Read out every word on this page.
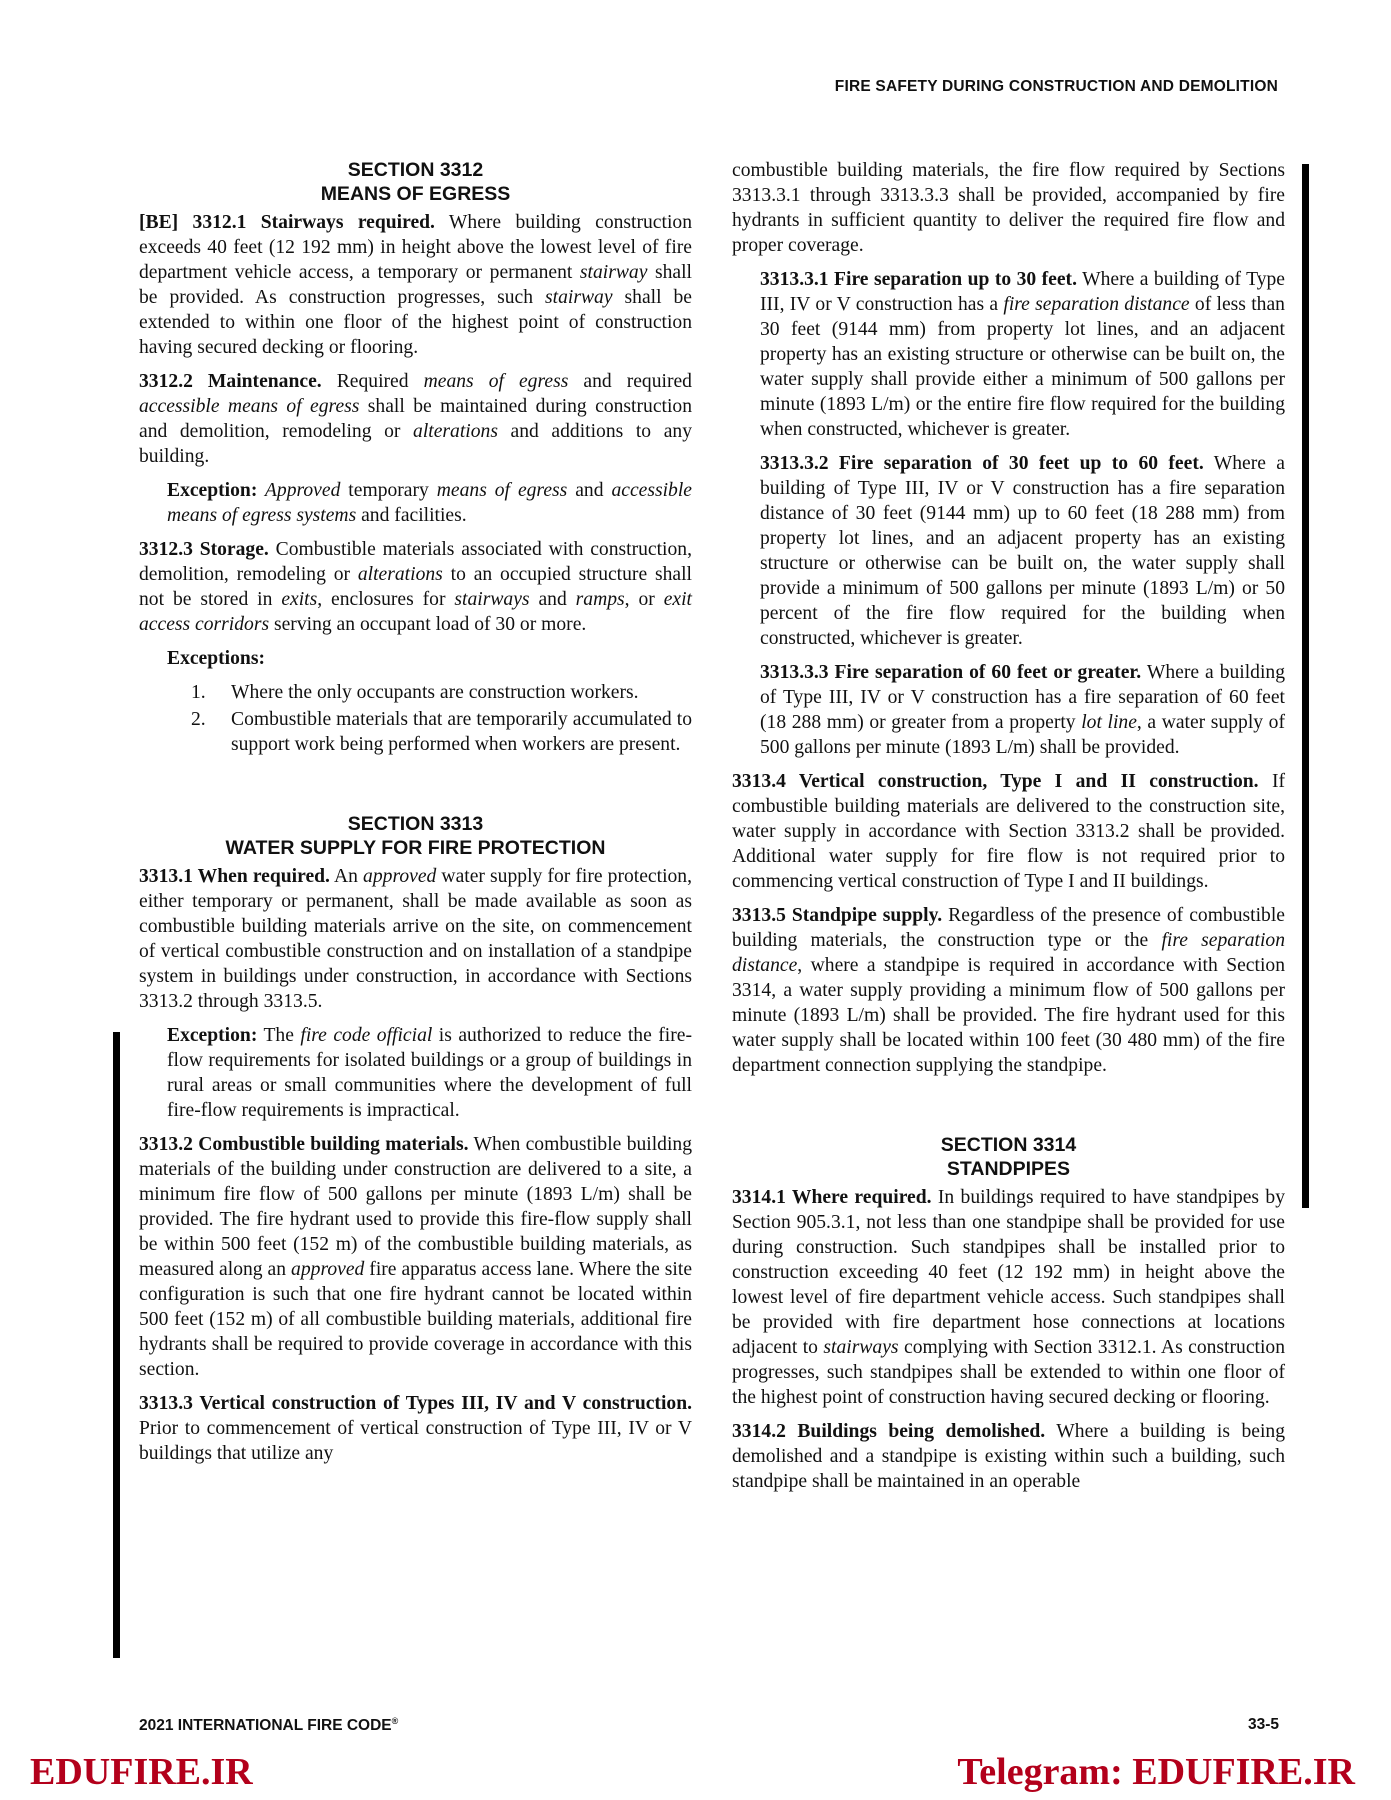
FIRE SAFETY DURING CONSTRUCTION AND DEMOLITION
SECTION 3312
MEANS OF EGRESS

[BE] 3312.1 Stairways required. Where building construction exceeds 40 feet (12 192 mm) in height above the lowest level of fire department vehicle access, a temporary or permanent stairway shall be provided. As construction progresses, such stairway shall be extended to within one floor of the highest point of construction having secured decking or flooring.

3312.2 Maintenance. Required means of egress and required accessible means of egress shall be maintained during construction and demolition, remodeling or alterations and additions to any building.

Exception: Approved temporary means of egress and accessible means of egress systems and facilities.

3312.3 Storage. Combustible materials associated with construction, demolition, remodeling or alterations to an occupied structure shall not be stored in exits, enclosures for stairways and ramps, or exit access corridors serving an occupant load of 30 or more.

Exceptions:
1.	Where the only occupants are construction workers.
2.	Combustible materials that are temporarily accumulated to support work being performed when workers are present.
SECTION 3313
WATER SUPPLY FOR FIRE PROTECTION

3313.1 When required. An approved water supply for fire protection, either temporary or permanent, shall be made available as soon as combustible building materials arrive on the site, on commencement of vertical combustible construction and on installation of a standpipe system in buildings under construction, in accordance with Sections 3313.2 through 3313.5.

Exception: The fire code official is authorized to reduce the fire-flow requirements for isolated buildings or a group of buildings in rural areas or small communities where the development of full fire-flow requirements is impractical.

3313.2 Combustible building materials. When combustible building materials of the building under construction are delivered to a site, a minimum fire flow of 500 gallons per minute (1893 L/m) shall be provided. The fire hydrant used to provide this fire-flow supply shall be within 500 feet (152 m) of the combustible building materials, as measured along an approved fire apparatus access lane. Where the site configuration is such that one fire hydrant cannot be located within 500 feet (152 m) of all combustible building materials, additional fire hydrants shall be required to provide coverage in accordance with this section.

3313.3 Vertical construction of Types III, IV and V construction. Prior to commencement of vertical construction of Type III, IV or V buildings that utilize any

combustible building materials, the fire flow required by Sections 3313.3.1 through 3313.3.3 shall be provided, accompanied by fire hydrants in sufficient quantity to deliver the required fire flow and proper coverage.

3313.3.1 Fire separation up to 30 feet. Where a building of Type III, IV or V construction has a fire separation distance of less than 30 feet (9144 mm) from property lot lines, and an adjacent property has an existing structure or otherwise can be built on, the water supply shall provide either a minimum of 500 gallons per minute (1893 L/m) or the entire fire flow required for the building when constructed, whichever is greater.

3313.3.2 Fire separation of 30 feet up to 60 feet. Where a building of Type III, IV or V construction has a fire separation distance of 30 feet (9144 mm) up to 60 feet (18 288 mm) from property lot lines, and an adjacent property has an existing structure or otherwise can be built on, the water supply shall provide a minimum of 500 gallons per minute (1893 L/m) or 50 percent of the fire flow required for the building when constructed, whichever is greater.

3313.3.3 Fire separation of 60 feet or greater. Where a building of Type III, IV or V construction has a fire separation of 60 feet (18 288 mm) or greater from a property lot line, a water supply of 500 gallons per minute (1893 L/m) shall be provided.

3313.4 Vertical construction, Type I and II construction. If combustible building materials are delivered to the construction site, water supply in accordance with Section 3313.2 shall be provided. Additional water supply for fire flow is not required prior to commencing vertical construction of Type I and II buildings.

3313.5 Standpipe supply. Regardless of the presence of combustible building materials, the construction type or the fire separation distance, where a standpipe is required in accordance with Section 3314, a water supply providing a minimum flow of 500 gallons per minute (1893 L/m) shall be provided. The fire hydrant used for this water supply shall be located within 100 feet (30 480 mm) of the fire department connection supplying the standpipe.

SECTION 3314
STANDPIPES

3314.1 Where required. In buildings required to have standpipes by Section 905.3.1, not less than one standpipe shall be provided for use during construction. Such standpipes shall be installed prior to construction exceeding 40 feet (12 192 mm) in height above the lowest level of fire department vehicle access. Such standpipes shall be provided with fire department hose connections at locations adjacent to stairways complying with Section 3312.1. As construction progresses, such standpipes shall be extended to within one floor of the highest point of construction having secured decking or flooring.

3314.2 Buildings being demolished. Where a building is being demolished and a standpipe is existing within such a building, such standpipe shall be maintained in an operable

2021 INTERNATIONAL FIRE CODE®	33-5
EDUFIRE.IR	Telegram: EDUFIRE.IR
